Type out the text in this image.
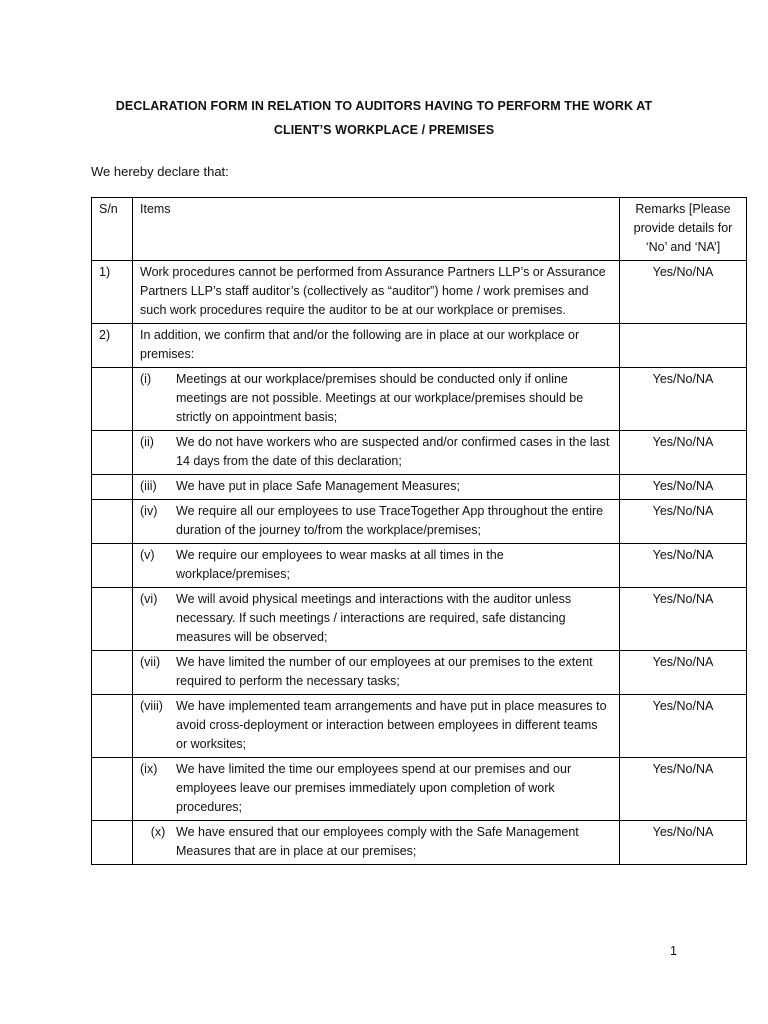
DECLARATION FORM IN RELATION TO AUDITORS HAVING TO PERFORM THE WORK AT
CLIENT’S WORKPLACE / PREMISES
We hereby declare that:
S/n	Items	Remarks [Please provide details for ‘No’ and ‘NA’]
1)	Work procedures cannot be performed from Assurance Partners LLP’s or Assurance Partners LLP’s staff auditor’s (collectively as “auditor”) home / work premises and such work procedures require the auditor to be at our workplace or premises.	Yes/No/NA
2)	In addition, we confirm that and/or the following are in place at our workplace or premises:	

	(i) Meetings at our workplace/premises should be conducted only if online meetings are not possible. Meetings at our workplace/premises should be strictly on appointment basis;	Yes/No/NA

	(ii) We do not have workers who are suspected and/or confirmed cases in the last 14 days from the date of this declaration;	Yes/No/NA

	(iii) We have put in place Safe Management Measures;	Yes/No/NA

	(iv) We require all our employees to use TraceTogether App throughout the entire duration of the journey to/from the workplace/premises;	Yes/No/NA

	(v) We require our employees to wear masks at all times in the workplace/premises;	Yes/No/NA

	(vi) We will avoid physical meetings and interactions with the auditor unless necessary. If such meetings / interactions are required, safe distancing measures will be observed;	Yes/No/NA

	(vii) We have limited the number of our employees at our premises to the extent required to perform the necessary tasks;	Yes/No/NA

	(viii) We have implemented team arrangements and have put in place measures to avoid cross-deployment or interaction between employees in different teams or worksites;	Yes/No/NA

	(ix) We have limited the time our employees spend at our premises and our employees leave our premises immediately upon completion of work procedures;	Yes/No/NA

	(x) We have ensured that our employees comply with the Safe Management Measures that are in place at our premises;	Yes/No/NA
1
